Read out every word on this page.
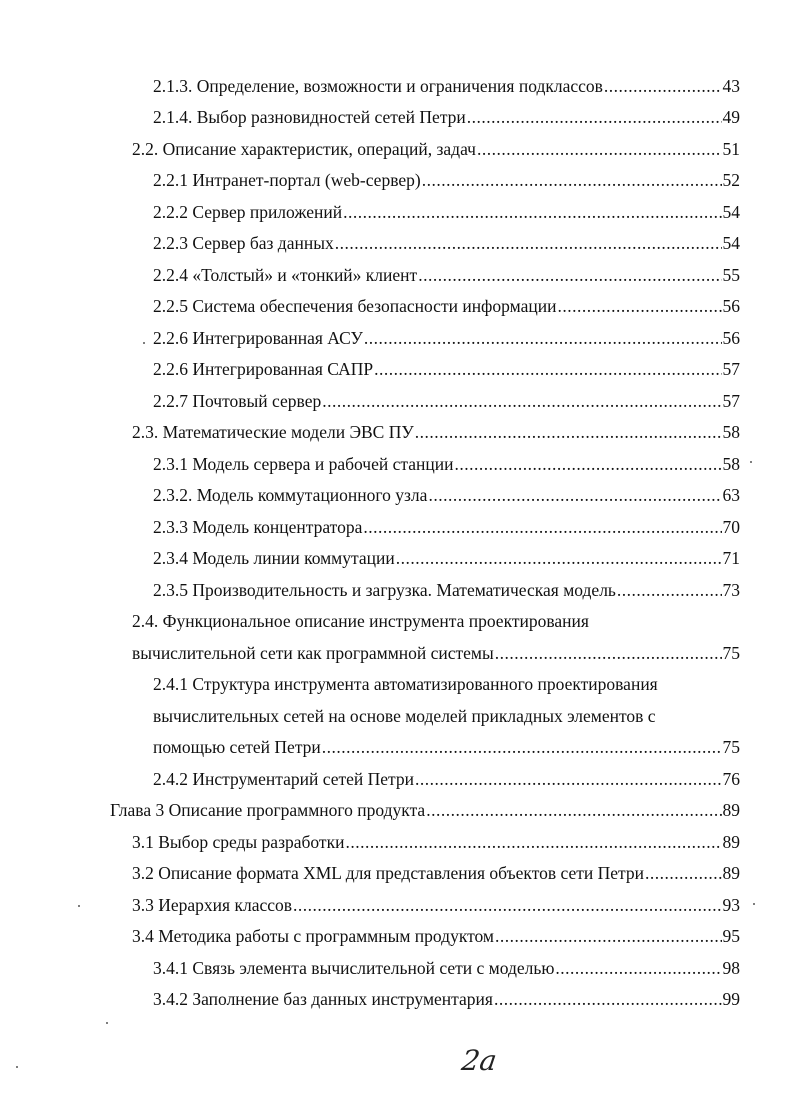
2.1.3. Определение, возможности и ограничения подклассов .....	43
2.1.4. Выбор разновидностей сетей Петри .....	49
2.2. Описание характеристик, операций, задач .....	51
2.2.1 Интранет-портал (web-сервер) .....	52
2.2.2 Сервер приложений .....	54
2.2.3 Сервер баз данных .....	54
2.2.4 «Толстый» и «тонкий» клиент .....	55
2.2.5 Система обеспечения безопасности информации .....	56
2.2.6 Интегрированная АСУ .....	56
2.2.6 Интегрированная САПР .....	57
2.2.7 Почтовый сервер .....	57
2.3. Математические модели ЭВС ПУ .....	58
2.3.1 Модель сервера и рабочей станции .....	58
2.3.2. Модель коммутационного узла .....	63
2.3.3 Модель концентратора .....	70
2.3.4 Модель линии коммутации .....	71
2.3.5 Производительность и загрузка. Математическая модель .....	73
2.4. Функциональное описание инструмента проектирования
вычислительной сети как программной системы .....	75
2.4.1 Структура инструмента автоматизированного проектирования
вычислительных сетей на основе моделей прикладных элементов с
помощью сетей Петри .....	75
2.4.2 Инструментарий сетей Петри .....	76
Глава 3 Описание программного продукта .....	89
3.1 Выбор среды разработки .....	89
3.2 Описание формата XML для представления объектов сети Петри .....	89
3.3 Иерархия классов .....	93
3.4 Методика работы с программным продуктом .....	95
3.4.1 Связь элемента вычислительной сети с моделью .....	98
3.4.2 Заполнение баз данных инструментария .....	99
2a
